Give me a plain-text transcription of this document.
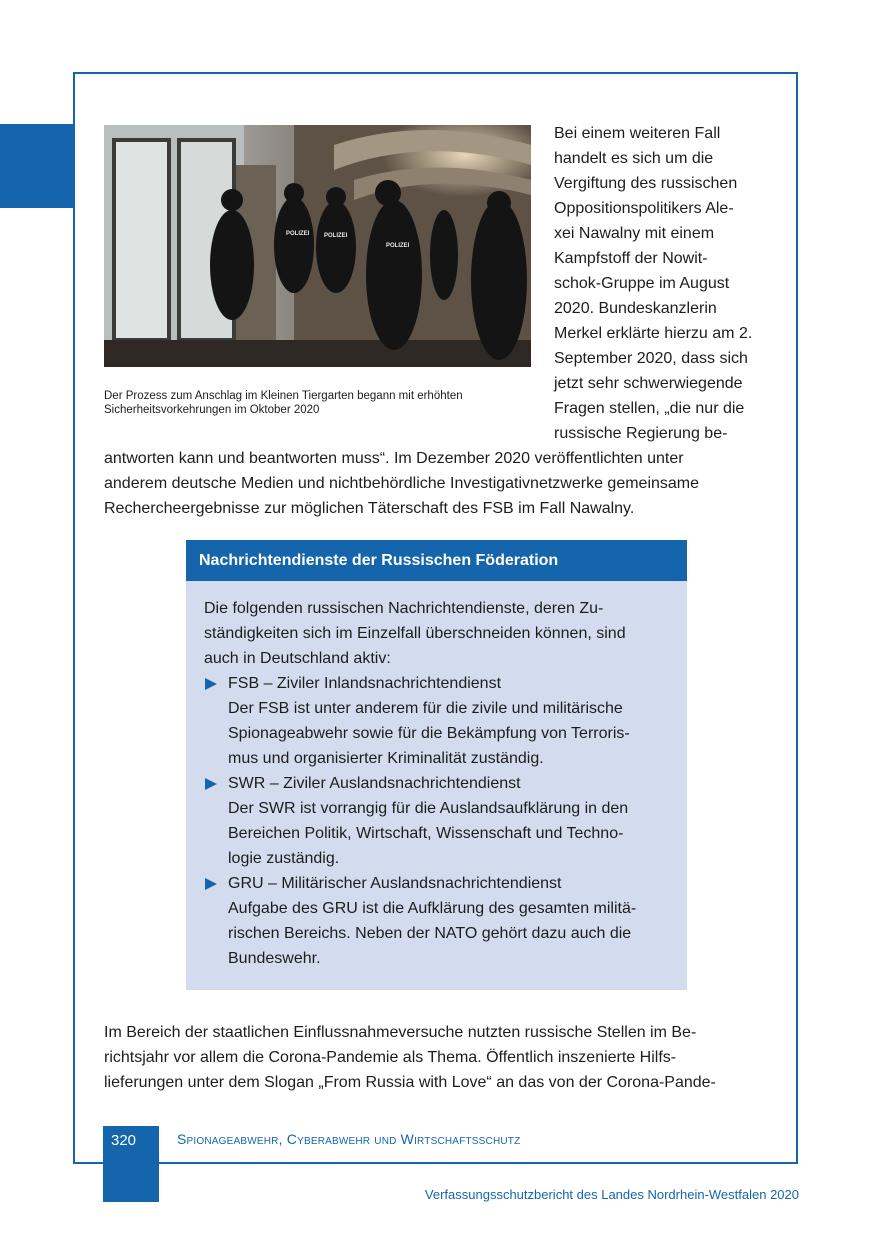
POLIZEI
POLIZEI
POLIZEI
Der Prozess zum Anschlag im Kleinen Tiergarten begann mit erhöhten
Sicherheitsvorkehrungen im Oktober 2020
Bei einem weiteren Fall
handelt es sich um die
Vergiftung des russischen
Oppositionspolitikers Ale-
xei Nawalny mit einem
Kampfstoff der Nowit-
schok-Gruppe im August
2020. Bundeskanzlerin
Merkel erklärte hierzu am 2.
September 2020, dass sich
jetzt sehr schwerwiegende
Fragen stellen, „die nur die
russische Regierung be-
antworten kann und beantworten muss“. Im Dezember 2020 veröffentlichten unter
anderem deutsche Medien und nichtbehördliche Investigativnetzwerke gemeinsame
Rechercheergebnisse zur möglichen Täterschaft des FSB im Fall Nawalny.
Nachrichtendienste der Russischen Föderation
Die folgenden russischen Nachrichtendienste, deren Zu-
ständigkeiten sich im Einzelfall überschneiden können, sind
auch in Deutschland aktiv:
FSB – Ziviler Inlandsnachrichtendienst
Der FSB ist unter anderem für die zivile und militärische
Spionageabwehr sowie für die Bekämpfung von Terroris-
mus und organisierter Kriminalität zuständig.
SWR – Ziviler Auslandsnachrichtendienst
Der SWR ist vorrangig für die Auslandsaufklärung in den
Bereichen Politik, Wirtschaft, Wissenschaft und Techno-
logie zuständig.
GRU – Militärischer Auslandsnachrichtendienst
Aufgabe des GRU ist die Aufklärung des gesamten militä-
rischen Bereichs. Neben der NATO gehört dazu auch die
Bundeswehr.
Im Bereich der staatlichen Einflussnahmeversuche nutzten russische Stellen im Be-
richtsjahr vor allem die Corona-Pandemie als Thema. Öffentlich inszenierte Hilfs-
lieferungen unter dem Slogan „From Russia with Love“ an das von der Corona-Pande-
320	Spionageabwehr, Cyberabwehr und Wirtschaftsschutz
Verfassungsschutzbericht des Landes Nordrhein-Westfalen 2020
